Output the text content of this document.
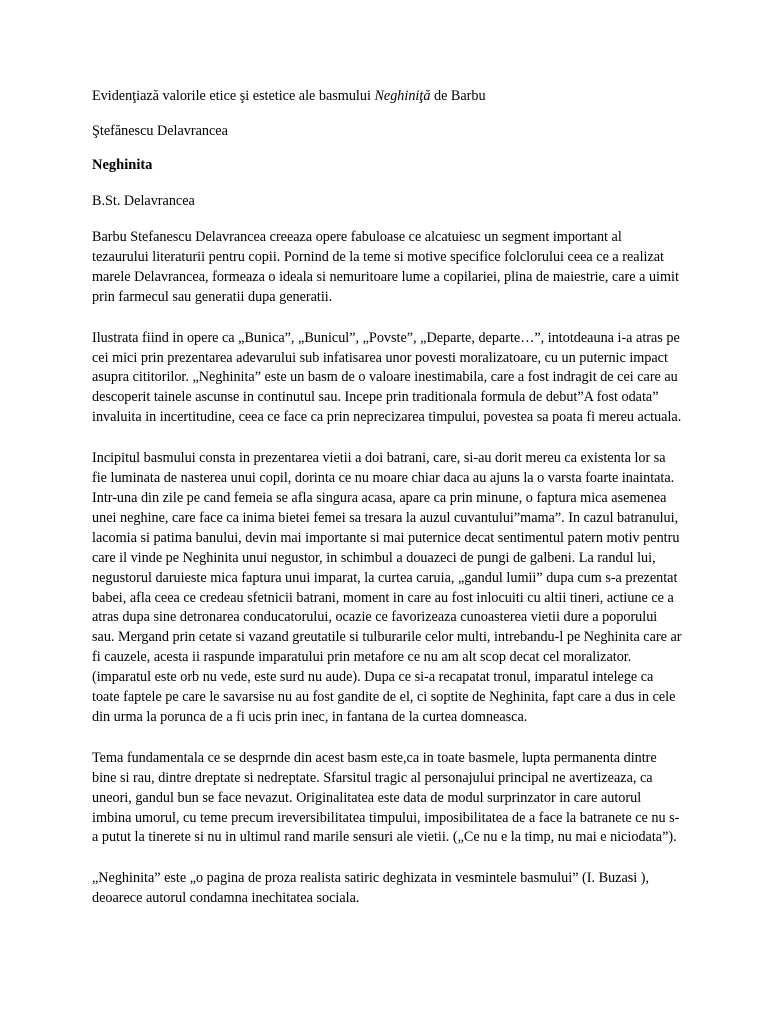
Evidenţiază valorile etice şi estetice ale basmului Neghiniţă de Barbu

Ştefănescu Delavrancea

Neghinita

B.St. Delavrancea

Barbu Stefanescu Delavrancea creeaza opere fabuloase ce alcatuiesc un segment important al tezaurului literaturii pentru copii. Pornind de la teme si motive specifice folclorului ceea ce a realizat marele Delavrancea, formeaza o ideala si nemuritoare lume a copilariei, plina de maiestrie, care a uimit prin farmecul sau generatii dupa generatii.

Ilustrata fiind in opere ca „Bunica”, „Bunicul”, „Povste”, „Departe, departe…”, intotdeauna i-a atras pe cei mici prin prezentarea adevarului sub infatisarea unor povesti moralizatoare, cu un puternic impact asupra cititorilor. „Neghinita” este un basm de o valoare inestimabila, care a fost indragit de cei care au descoperit tainele ascunse in continutul sau. Incepe prin traditionala formula de debut”A fost odata” invaluita in incertitudine, ceea ce face ca prin neprecizarea timpului, povestea sa poata fi mereu actuala.

Incipitul basmului consta in prezentarea vietii a doi batrani, care, si-au dorit mereu ca existenta lor sa fie luminata de nasterea unui copil, dorinta ce nu moare chiar daca au ajuns la o varsta foarte inaintata. Intr-una din zile pe cand femeia se afla singura acasa, apare ca prin minune, o faptura mica asemenea unei neghine, care face ca inima bietei femei sa tresara la auzul cuvantului”mama”. In cazul batranului, lacomia si patima banului, devin mai importante si mai puternice decat sentimentul patern motiv pentru care il vinde pe Neghinita unui negustor, in schimbul a douazeci de pungi de galbeni. La randul lui, negustorul daruieste mica faptura unui imparat, la curtea caruia, „gandul lumii” dupa cum s-a prezentat babei, afla ceea ce credeau sfetnicii batrani, moment in care au fost inlocuiti cu altii tineri, actiune ce a atras dupa sine detronarea conducatorului, ocazie ce favorizeaza cunoasterea vietii dure a poporului sau. Mergand prin cetate si vazand greutatile si tulburarile celor multi, intrebandu-l pe Neghinita care ar fi cauzele, acesta ii raspunde imparatului prin metafore ce nu am alt scop decat cel moralizator. (imparatul este orb nu vede, este surd nu aude). Dupa ce si-a recapatat tronul, imparatul intelege ca toate faptele pe care le savarsise nu au fost gandite de el, ci soptite de Neghinita, fapt care a dus in cele din urma la porunca de a fi ucis prin inec, in fantana de la curtea domneasca.

Tema fundamentala ce se desprnde din acest basm este,ca in toate basmele, lupta permanenta dintre bine si rau, dintre dreptate si nedreptate. Sfarsitul tragic al personajului principal ne avertizeaza, ca uneori, gandul bun se face nevazut. Originalitatea este data de modul surprinzator in care autorul imbina umorul, cu teme precum ireversibilitatea timpului, imposibilitatea de a face la batranete ce nu s-a putut la tinerete si nu in ultimul rand marile sensuri ale vietii. („Ce nu e la timp, nu mai e niciodata”).

„Neghinita” este „o pagina de proza realista satiric deghizata in vesmintele basmului” (I. Buzasi ), deoarece autorul condamna inechitatea sociala.
